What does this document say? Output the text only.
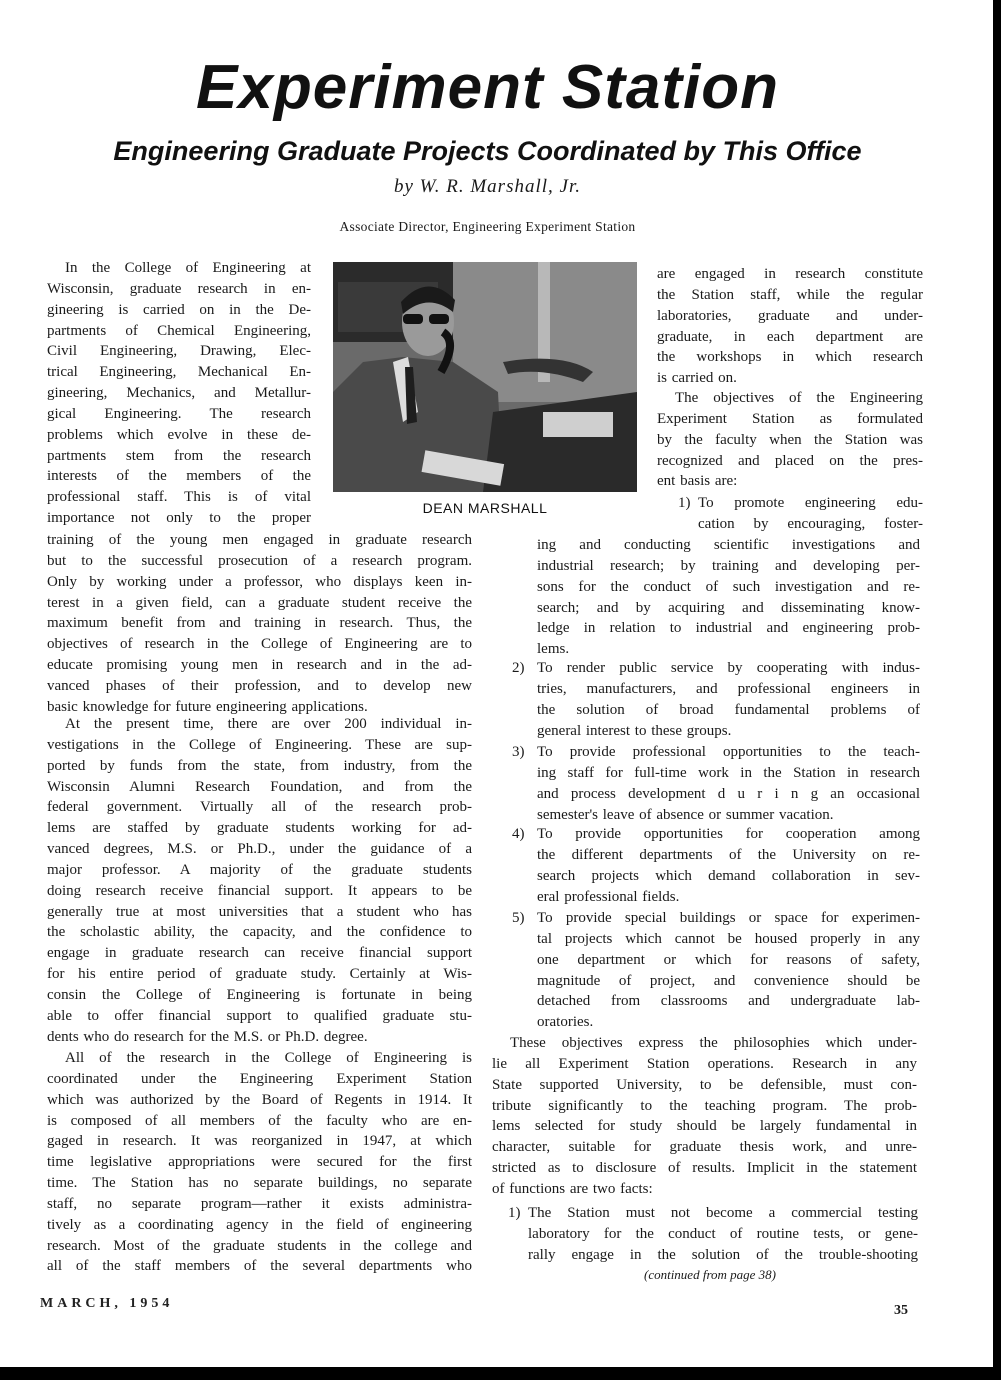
Experiment Station
Engineering Graduate Projects Coordinated by This Office
by W. R. Marshall, Jr.
Associate Director, Engineering Experiment Station
DEAN MARSHALL
In the College of Engineering at
Wisconsin, graduate research in en-
gineering is carried on in the De-
partments of Chemical Engineering,
Civil Engineering, Drawing, Elec-
trical Engineering, Mechanical En-
gineering, Mechanics, and Metallur-
gical Engineering. The research
problems which evolve in these de-
partments stem from the research
interests of the members of the
professional staff. This is of vital
importance not only to the proper
training of the young men engaged in graduate research
but to the successful prosecution of a research program.
Only by working under a professor, who displays keen in-
terest in a given field, can a graduate student receive the
maximum benefit from and training in research. Thus, the
objectives of research in the College of Engineering are to
educate promising young men in research and in the ad-
vanced phases of their profession, and to develop new
basic knowledge for future engineering applications.
At the present time, there are over 200 individual in-
vestigations in the College of Engineering. These are sup-
ported by funds from the state, from industry, from the
Wisconsin Alumni Research Foundation, and from the
federal government. Virtually all of the research prob-
lems are staffed by graduate students working for ad-
vanced degrees, M.S. or Ph.D., under the guidance of a
major professor. A majority of the graduate students
doing research receive financial support. It appears to be
generally true at most universities that a student who has
the scholastic ability, the capacity, and the confidence to
engage in graduate research can receive financial support
for his entire period of graduate study. Certainly at Wis-
consin the College of Engineering is fortunate in being
able to offer financial support to qualified graduate stu-
dents who do research for the M.S. or Ph.D. degree.
All of the research in the College of Engineering is
coordinated under the Engineering Experiment Station
which was authorized by the Board of Regents in 1914. It
is composed of all members of the faculty who are en-
gaged in research. It was reorganized in 1947, at which
time legislative appropriations were secured for the first
time. The Station has no separate buildings, no separate
staff, no separate program—rather it exists administra-
tively as a coordinating agency in the field of engineering
research. Most of the graduate students in the college and
all of the staff members of the several departments who
are engaged in research constitute
the Station staff, while the regular
laboratories, graduate and under-
graduate, in each department are
the workshops in which research
is carried on.
The objectives of the Engineering
Experiment Station as formulated
by the faculty when the Station was
recognized and placed on the pres-
ent basis are:
1) To promote engineering edu-
cation by encouraging, foster-
ing and conducting scientific investigations and
industrial research; by training and developing per-
sons for the conduct of such investigation and re-
search; and by acquiring and disseminating know-
ledge in relation to industrial and engineering prob-
lems.
2) To render public service by cooperating with indus-
tries, manufacturers, and professional engineers in
the solution of broad fundamental problems of
general interest to these groups.
3) To provide professional opportunities to the teach-
ing staff for full-time work in the Station in research
and process development d u r i n g an occasional
semester's leave of absence or summer vacation.
4) To provide opportunities for cooperation among
the different departments of the University on re-
search projects which demand collaboration in sev-
eral professional fields.
5) To provide special buildings or space for experimen-
tal projects which cannot be housed properly in any
one department or which for reasons of safety,
magnitude of project, and convenience should be
detached from classrooms and undergraduate lab-
oratories.
These objectives express the philosophies which under-
lie all Experiment Station operations. Research in any
State supported University, to be defensible, must con-
tribute significantly to the teaching program. The prob-
lems selected for study should be largely fundamental in
character, suitable for graduate thesis work, and unre-
stricted as to disclosure of results. Implicit in the statement
of functions are two facts:
1) The Station must not become a commercial testing
laboratory for the conduct of routine tests, or gene-
rally engage in the solution of the trouble-shooting
(continued from page 38)
MARCH, 1954	35
